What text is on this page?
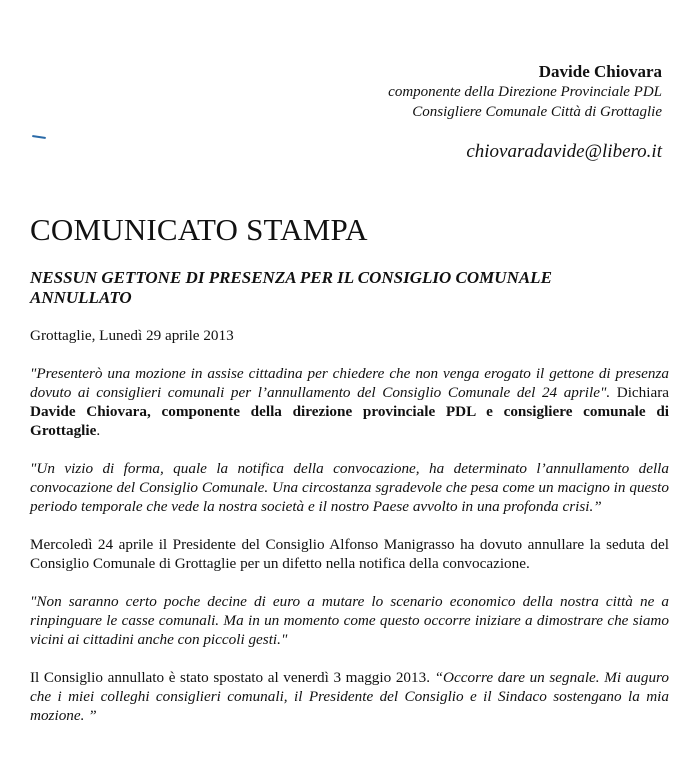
Davide Chiovara
componente della Direzione Provinciale PDL
Consigliere Comunale Città di Grottaglie
chiovaradavide@libero.it
COMUNICATO STAMPA
NESSUN GETTONE DI PRESENZA PER IL CONSIGLIO COMUNALE ANNULLATO

Grottaglie, Lunedì 29 aprile 2013

"Presenterò una mozione in assise cittadina per chiedere che non venga erogato il gettone di presenza dovuto ai consiglieri comunali per l’annullamento del Consiglio Comunale del 24 aprile". Dichiara Davide Chiovara, componente della direzione provinciale PDL e consigliere comunale di Grottaglie.

"Un vizio di forma, quale la notifica della convocazione, ha determinato l’annullamento della convocazione del Consiglio Comunale. Una circostanza sgradevole che pesa come un macigno in questo periodo temporale che vede la nostra società e il nostro Paese avvolto in una profonda crisi.”

Mercoledì 24 aprile il Presidente del Consiglio Alfonso Manigrasso ha dovuto annullare la seduta del Consiglio Comunale di Grottaglie per un difetto nella notifica della convocazione.

"Non saranno certo poche decine di euro a mutare lo scenario economico della nostra città ne a rinpinguare le casse comunali. Ma in un momento come questo occorre iniziare a dimostrare che siamo vicini ai cittadini anche con piccoli gesti."

Il Consiglio annullato è stato spostato al venerdì 3 maggio 2013. “Occorre dare un segnale. Mi auguro che i miei colleghi consiglieri comunali, il Presidente del Consiglio e il Sindaco sostengano la mia mozione. ”
